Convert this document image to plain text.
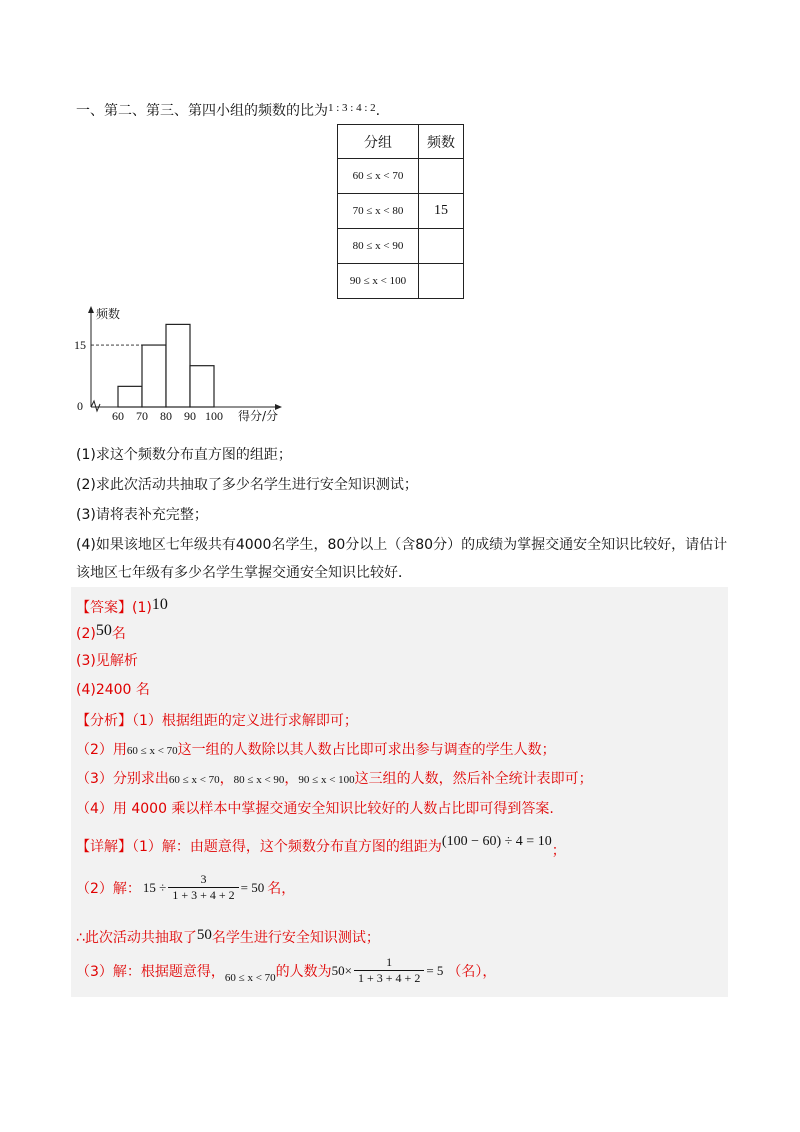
一、第二、第三、第四小组的频数的比为$^{1 : 3 : 4 : 2}$.
分组	频数
60 ≤ x < 70	
70 ≤ x < 80	15
80 ≤ x < 90	
90 ≤ x < 100	
频数
得分/分
0
15
60 70 80 90 100
(1)求这个频数分布直方图的组距；
(2)求此次活动共抽取了多少名学生进行安全知识测试；
(3)请将表补充完整；
(4)如果该地区七年级共有4000名学生，80分以上（含80分）的成绩为掌握交通安全知识比较好，请估计
该地区七年级有多少名学生掌握交通安全知识比较好．
【答案】(1)10
(2)50名
(3)见解析
(4)2400 名
【分析】（1）根据组距的定义进行求解即可；
（2）用60 ≤ x < 70这一组的人数除以其人数占比即可求出参与调查的学生人数；
（3）分别求出60 ≤ x < 70，80 ≤ x < 90，90 ≤ x < 100这三组的人数，然后补全统计表即可；
（4）用 4000 乘以样本中掌握交通安全知识比较好的人数占比即可得到答案.
【详解】（1）解：由题意得，这个频数分布直方图的组距为(100 − 60) ÷ 4 = 10；
（2）解： $15 \div \frac{3}{1 + 3 + 4 + 2} = 50$ 名，
∴此次活动共抽取了50名学生进行安全知识测试；
（3）解：根据题意得， 60 ≤ x < 70 的人数为 $50\times \frac{1}{1 + 3 + 4 + 2} = 5$ （名），
